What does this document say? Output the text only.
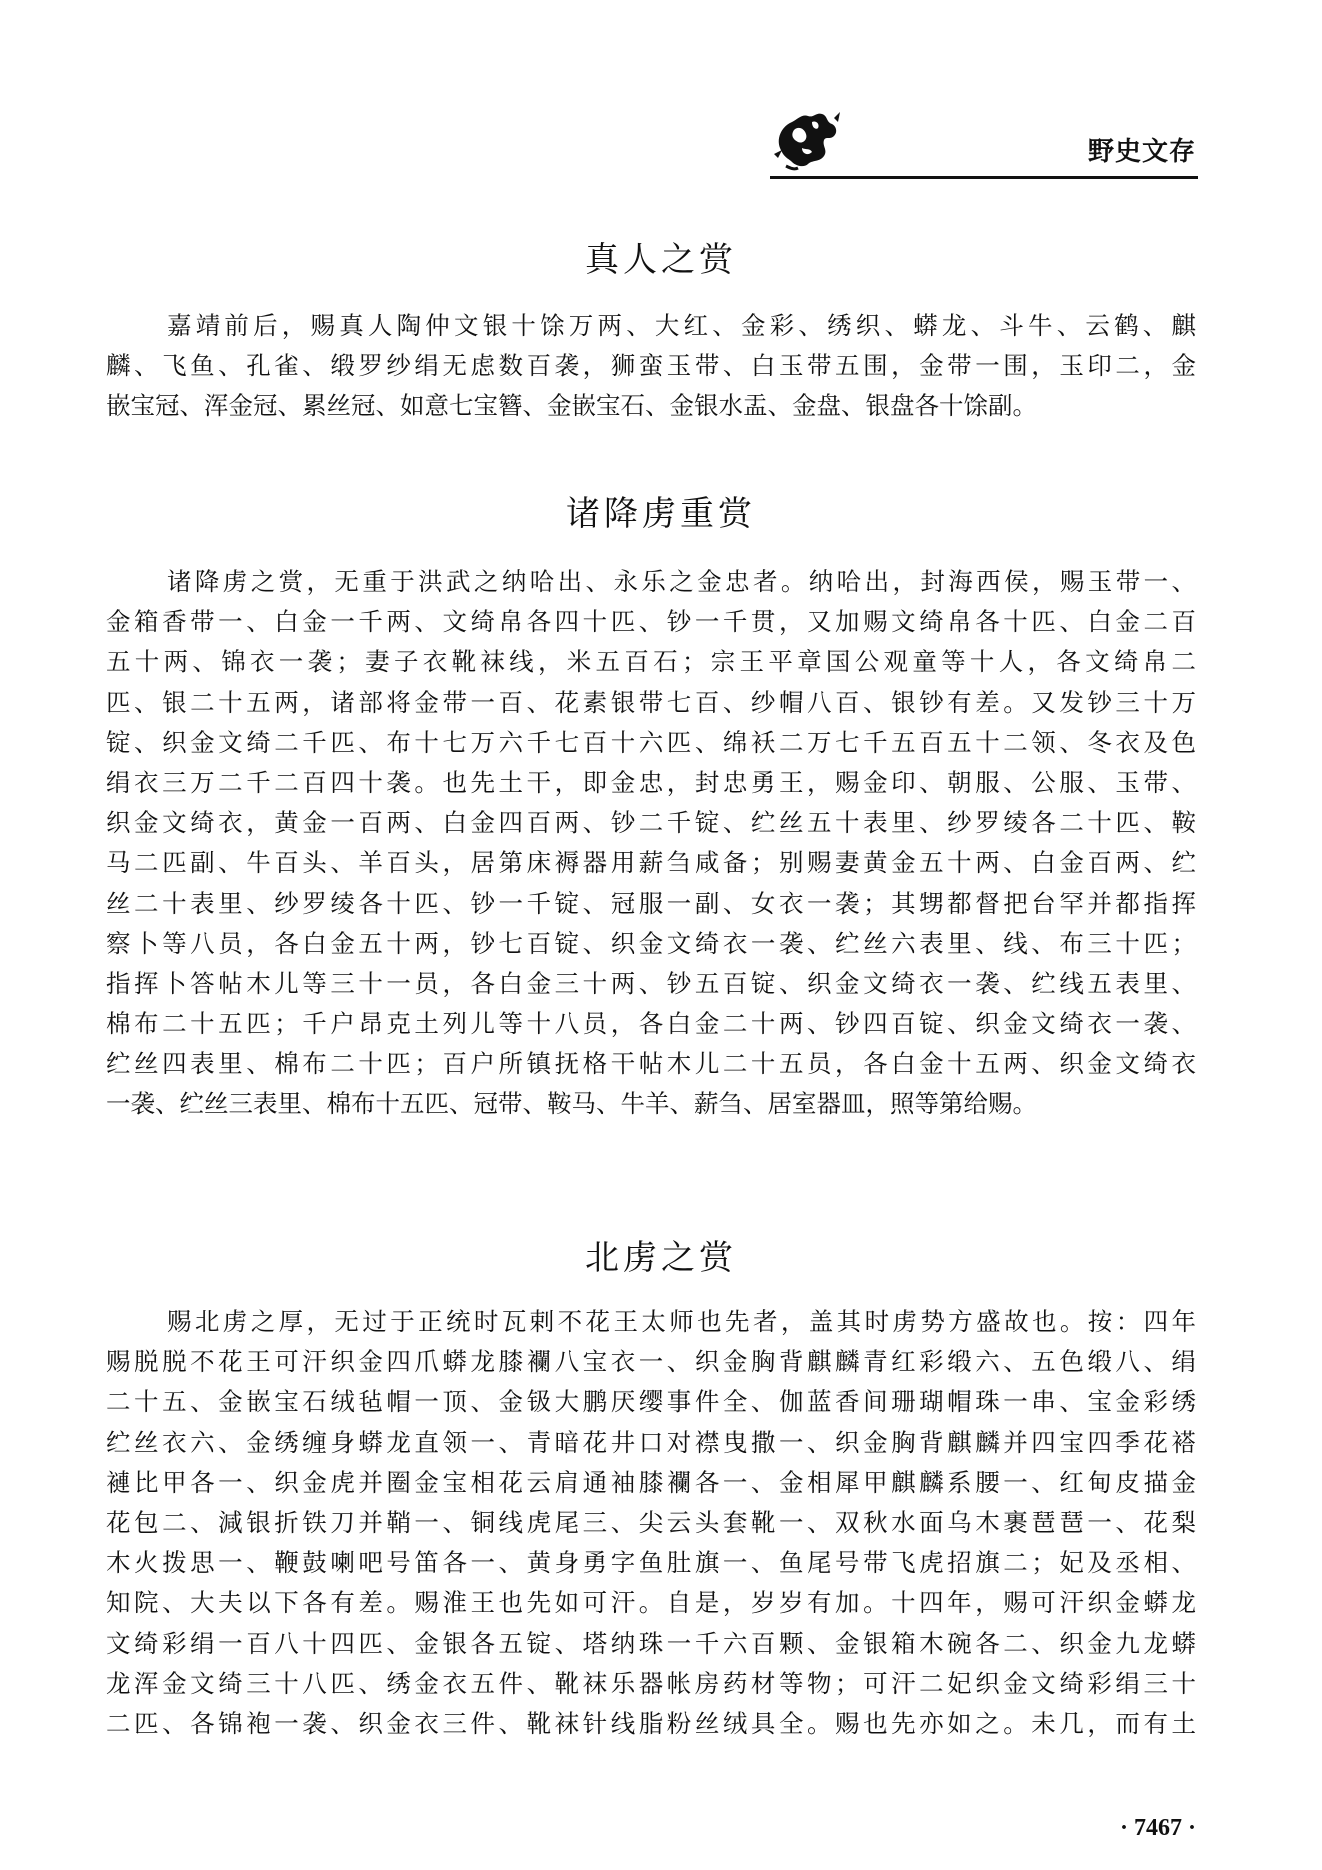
野史文存
真人之赏
嘉靖前后，赐真人陶仲文银十馀万两、大红、金彩、绣织、蟒龙、斗牛、云鹤、麒
麟、飞鱼、孔雀、缎罗纱绢无虑数百袭，狮蛮玉带、白玉带五围，金带一围，玉印二，金
嵌宝冠、浑金冠、累丝冠、如意七宝簪、金嵌宝石、金银水盂、金盘、银盘各十馀副。
诸降虏重赏
诸降虏之赏，无重于洪武之纳哈出、永乐之金忠者。纳哈出，封海西侯，赐玉带一、
金箱香带一、白金一千两、文绮帛各四十匹、钞一千贯，又加赐文绮帛各十匹、白金二百
五十两、锦衣一袭；妻子衣靴袜线，米五百石；宗王平章国公观童等十人，各文绮帛二
匹、银二十五两，诸部将金带一百、花素银带七百、纱帽八百、银钞有差。又发钞三十万
锭、织金文绮二千匹、布十七万六千七百十六匹、绵袄二万七千五百五十二领、冬衣及色
绢衣三万二千二百四十袭。也先土干，即金忠，封忠勇王，赐金印、朝服、公服、玉带、
织金文绮衣，黄金一百两、白金四百两、钞二千锭、纻丝五十表里、纱罗绫各二十匹、鞍
马二匹副、牛百头、羊百头，居第床褥器用薪刍咸备；别赐妻黄金五十两、白金百两、纻
丝二十表里、纱罗绫各十匹、钞一千锭、冠服一副、女衣一袭；其甥都督把台罕并都指挥
察卜等八员，各白金五十两，钞七百锭、织金文绮衣一袭、纻丝六表里、线、布三十匹；
指挥卜答帖木儿等三十一员，各白金三十两、钞五百锭、织金文绮衣一袭、纻线五表里、
棉布二十五匹；千户昂克土列儿等十八员，各白金二十两、钞四百锭、织金文绮衣一袭、
纻丝四表里、棉布二十匹；百户所镇抚格干帖木儿二十五员，各白金十五两、织金文绮衣
一袭、纻丝三表里、棉布十五匹、冠带、鞍马、牛羊、薪刍、居室器皿，照等第给赐。
北虏之赏
赐北虏之厚，无过于正统时瓦剌不花王太师也先者，盖其时虏势方盛故也。按：四年
赐脱脱不花王可汗织金四爪蟒龙膝襴八宝衣一、织金胸背麒麟青红彩缎六、五色缎八、绢
二十五、金嵌宝石绒毡帽一顶、金钑大鹏厌缨事件全、伽蓝香间珊瑚帽珠一串、宝金彩绣
纻丝衣六、金绣缠身蟒龙直领一、青暗花井口对襟曳撒一、织金胸背麒麟并四宝四季花褡
褳比甲各一、织金虎并圈金宝相花云肩通袖膝襴各一、金相犀甲麒麟系腰一、红甸皮描金
花包二、減银折铁刀并鞘一、铜线虎尾三、尖云头套靴一、双秋水面乌木裹琶琶一、花梨
木火拨思一、鞭鼓喇吧号笛各一、黄身勇字鱼肚旗一、鱼尾号带飞虎招旗二；妃及丞相、
知院、大夫以下各有差。赐淮王也先如可汗。自是，岁岁有加。十四年，赐可汗织金蟒龙
文绮彩绢一百八十四匹、金银各五锭、塔纳珠一千六百颗、金银箱木碗各二、织金九龙蟒
龙浑金文绮三十八匹、绣金衣五件、靴袜乐器帐房药材等物；可汗二妃织金文绮彩绢三十
二匹、各锦袍一袭、织金衣三件、靴袜针线脂粉丝绒具全。赐也先亦如之。未几，而有土
· 7467 ·
